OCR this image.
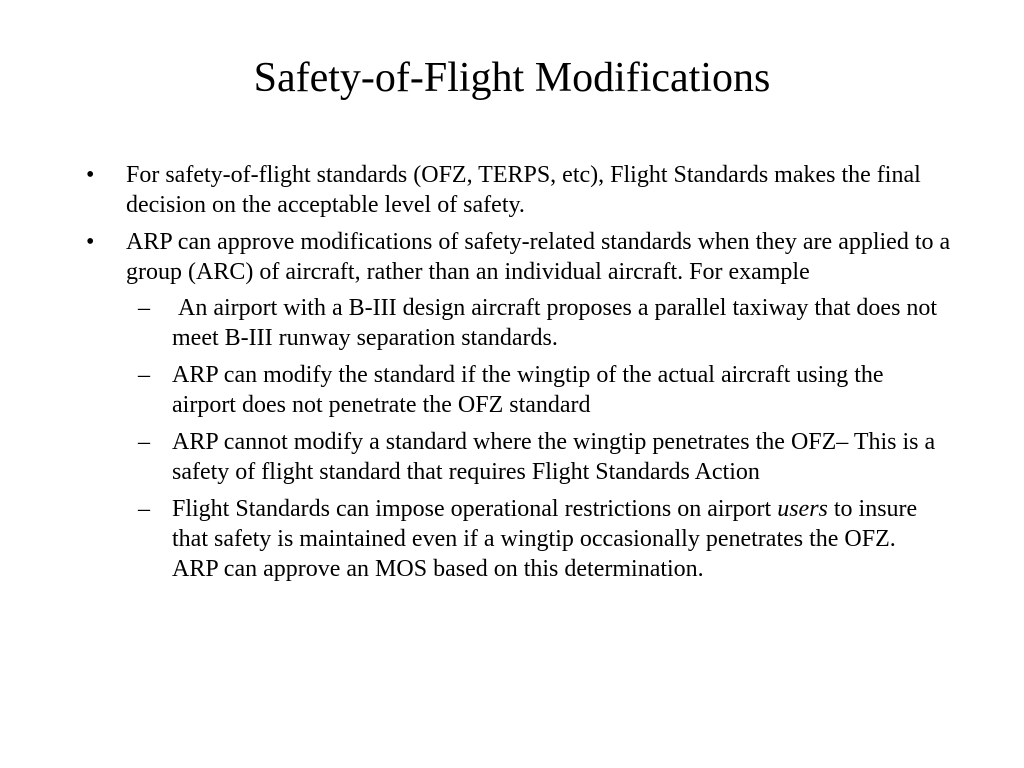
Safety-of-Flight Modifications
• For safety-of-flight standards (OFZ, TERPS, etc), Flight Standards makes the final decision on the acceptable level of safety.
• ARP can approve modifications of safety-related standards when they are applied to a group (ARC) of aircraft, rather than an individual aircraft. For example
– An airport with a B-III design aircraft proposes a parallel taxiway that does not meet B-III runway separation standards.
– ARP can modify the standard if the wingtip of the actual aircraft using the airport does not penetrate the OFZ standard
– ARP cannot modify a standard where the wingtip penetrates the OFZ– This is a safety of flight standard that requires Flight Standards Action
– Flight Standards can impose operational restrictions on airport users to insure that safety is maintained even if a wingtip occasionally penetrates the OFZ.  ARP can approve an MOS based on this determination.
